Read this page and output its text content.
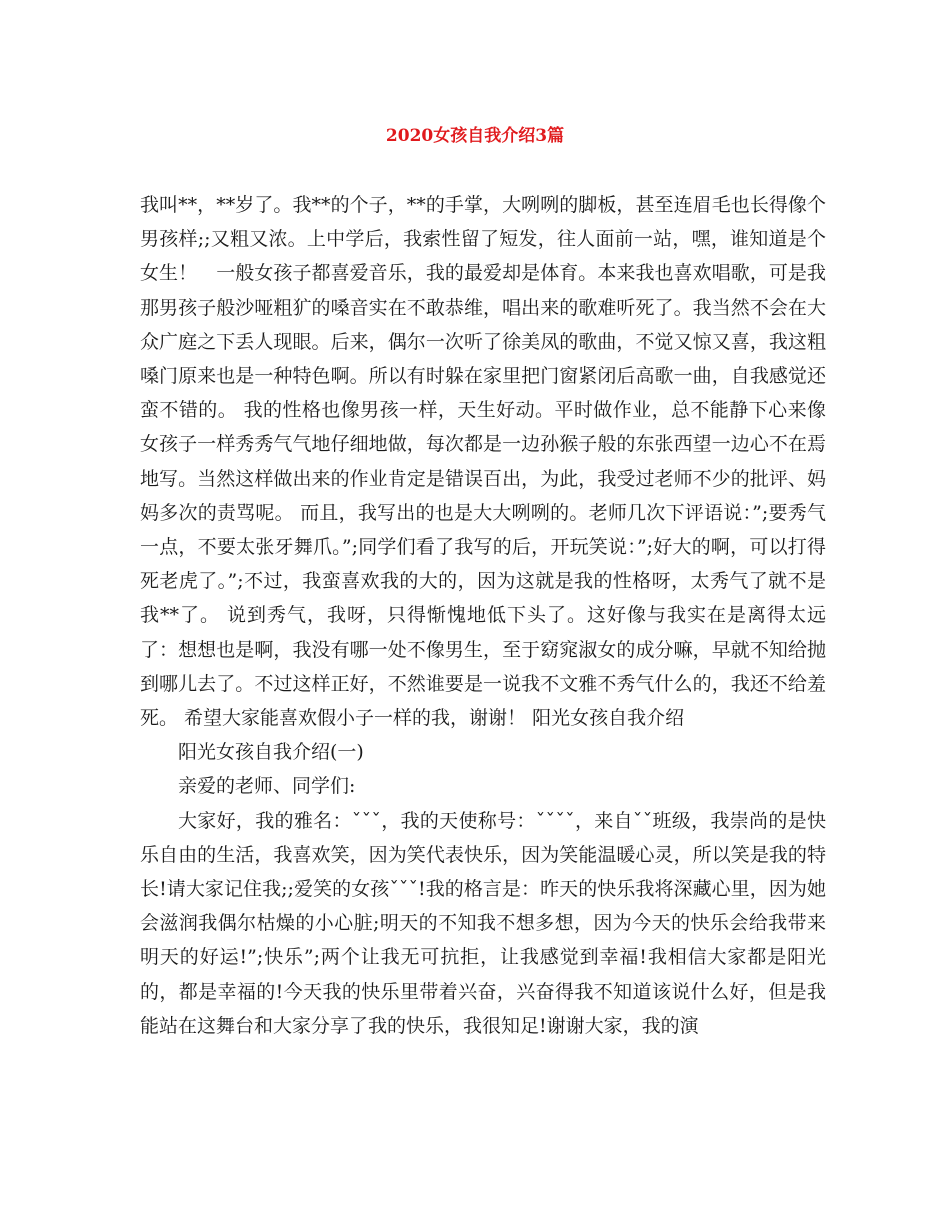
2020女孩自我介绍3篇

我叫**，**岁了。我**的个子，**的手掌，大咧咧的脚板，甚至连眉毛也长得像个男孩样;;又粗又浓。上中学后，我索性留了短发，往人面前一站，嘿，谁知道是个女生！　一般女孩子都喜爱音乐，我的最爱却是体育。本来我也喜欢唱歌，可是我那男孩子般沙哑粗犷的嗓音实在不敢恭维，唱出来的歌难听死了。我当然不会在大众广庭之下丢人现眼。后来，偶尔一次听了徐美凤的歌曲，不觉又惊又喜，我这粗嗓门原来也是一种特色啊。所以有时躲在家里把门窗紧闭后高歌一曲，自我感觉还蛮不错的。 我的性格也像男孩一样，天生好动。平时做作业，总不能静下心来像女孩子一样秀秀气气地仔细地做，每次都是一边孙猴子般的东张西望一边心不在焉地写。当然这样做出来的作业肯定是错误百出，为此，我受过老师不少的批评、妈妈多次的责骂呢。 而且，我写出的也是大大咧咧的。老师几次下评语说：”;要秀气一点，不要太张牙舞爪。”;同学们看了我写的后，开玩笑说：”;好大的啊，可以打得死老虎了。”;不过，我蛮喜欢我的大的，因为这就是我的性格呀，太秀气了就不是我**了。 说到秀气，我呀，只得惭愧地低下头了。这好像与我实在是离得太远了：想想也是啊，我没有哪一处不像男生，至于窈窕淑女的成分嘛，早就不知给抛到哪儿去了。不过这样正好，不然谁要是一说我不文雅不秀气什么的，我还不给羞死。 希望大家能喜欢假小子一样的我，谢谢！ 阳光女孩自我介绍

阳光女孩自我介绍(一)

亲爱的老师、同学们:

大家好，我的雅名：ˇˇˇ，我的天使称号：ˇˇˇˇ，来自ˇˇ班级，我崇尚的是快乐自由的生活，我喜欢笑，因为笑代表快乐，因为笑能温暖心灵，所以笑是我的特长!请大家记住我;;爱笑的女孩ˇˇˇ!我的格言是：昨天的快乐我将深藏心里，因为她会滋润我偶尔枯燥的小心脏;明天的不知我不想多想，因为今天的快乐会给我带来明天的好运!”;快乐”;两个让我无可抗拒，让我感觉到幸福!我相信大家都是阳光的，都是幸福的!今天我的快乐里带着兴奋，兴奋得我不知道该说什么好，但是我能站在这舞台和大家分享了我的快乐，我很知足!谢谢大家，我的演
